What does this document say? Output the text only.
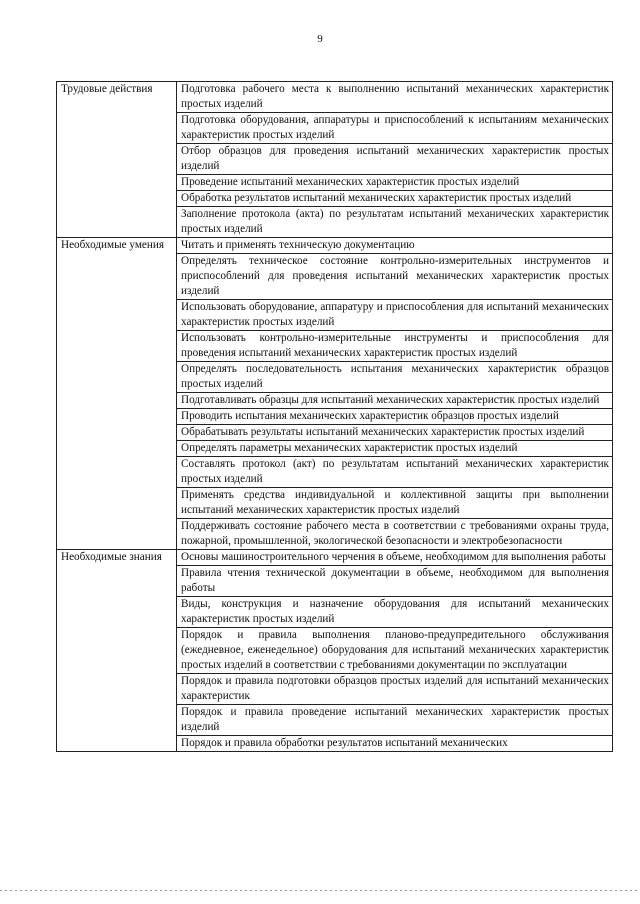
9
Трудовые действия	Подготовка рабочего места к выполнению испытаний механических характеристик простых изделий
	Подготовка оборудования, аппаратуры и приспособлений к испытаниям механических характеристик простых изделий
	Отбор образцов для проведения испытаний механических характеристик простых изделий
	Проведение испытаний механических характеристик простых изделий
	Обработка результатов испытаний механических характеристик простых изделий
	Заполнение протокола (акта) по результатам испытаний механических характеристик простых изделий
Необходимые умения	Читать и применять техническую документацию
	Определять техническое состояние контрольно-измерительных инструментов и приспособлений для проведения испытаний механических характеристик простых изделий
	Использовать оборудование, аппаратуру и приспособления для испытаний механических характеристик простых изделий
	Использовать контрольно-измерительные инструменты и приспособления для проведения испытаний механических характеристик простых изделий
	Определять последовательность испытания механических характеристик образцов простых изделий
	Подготавливать образцы для испытаний механических характеристик простых изделий
	Проводить испытания механических характеристик образцов простых изделий
	Обрабатывать результаты испытаний механических характеристик простых изделий
	Определять параметры механических характеристик простых изделий
	Составлять протокол (акт) по результатам испытаний механических характеристик простых изделий
	Применять средства индивидуальной и коллективной защиты при выполнении испытаний механических характеристик простых изделий
	Поддерживать состояние рабочего места в соответствии с требованиями охраны труда, пожарной, промышленной, экологической безопасности и электробезопасности
Необходимые знания	Основы машиностроительного черчения в объеме, необходимом для выполнения работы
	Правила чтения технической документации в объеме, необходимом для выполнения работы
	Виды, конструкция и назначение оборудования для испытаний механических характеристик простых изделий
	Порядок и правила выполнения планово-предупредительного обслуживания (ежедневное, еженедельное) оборудования для испытаний механических характеристик простых изделий в соответствии с требованиями документации по эксплуатации
	Порядок и правила подготовки образцов простых изделий для испытаний механических характеристик
	Порядок и правила проведение испытаний механических характеристик простых изделий
	Порядок и правила обработки результатов испытаний механических
